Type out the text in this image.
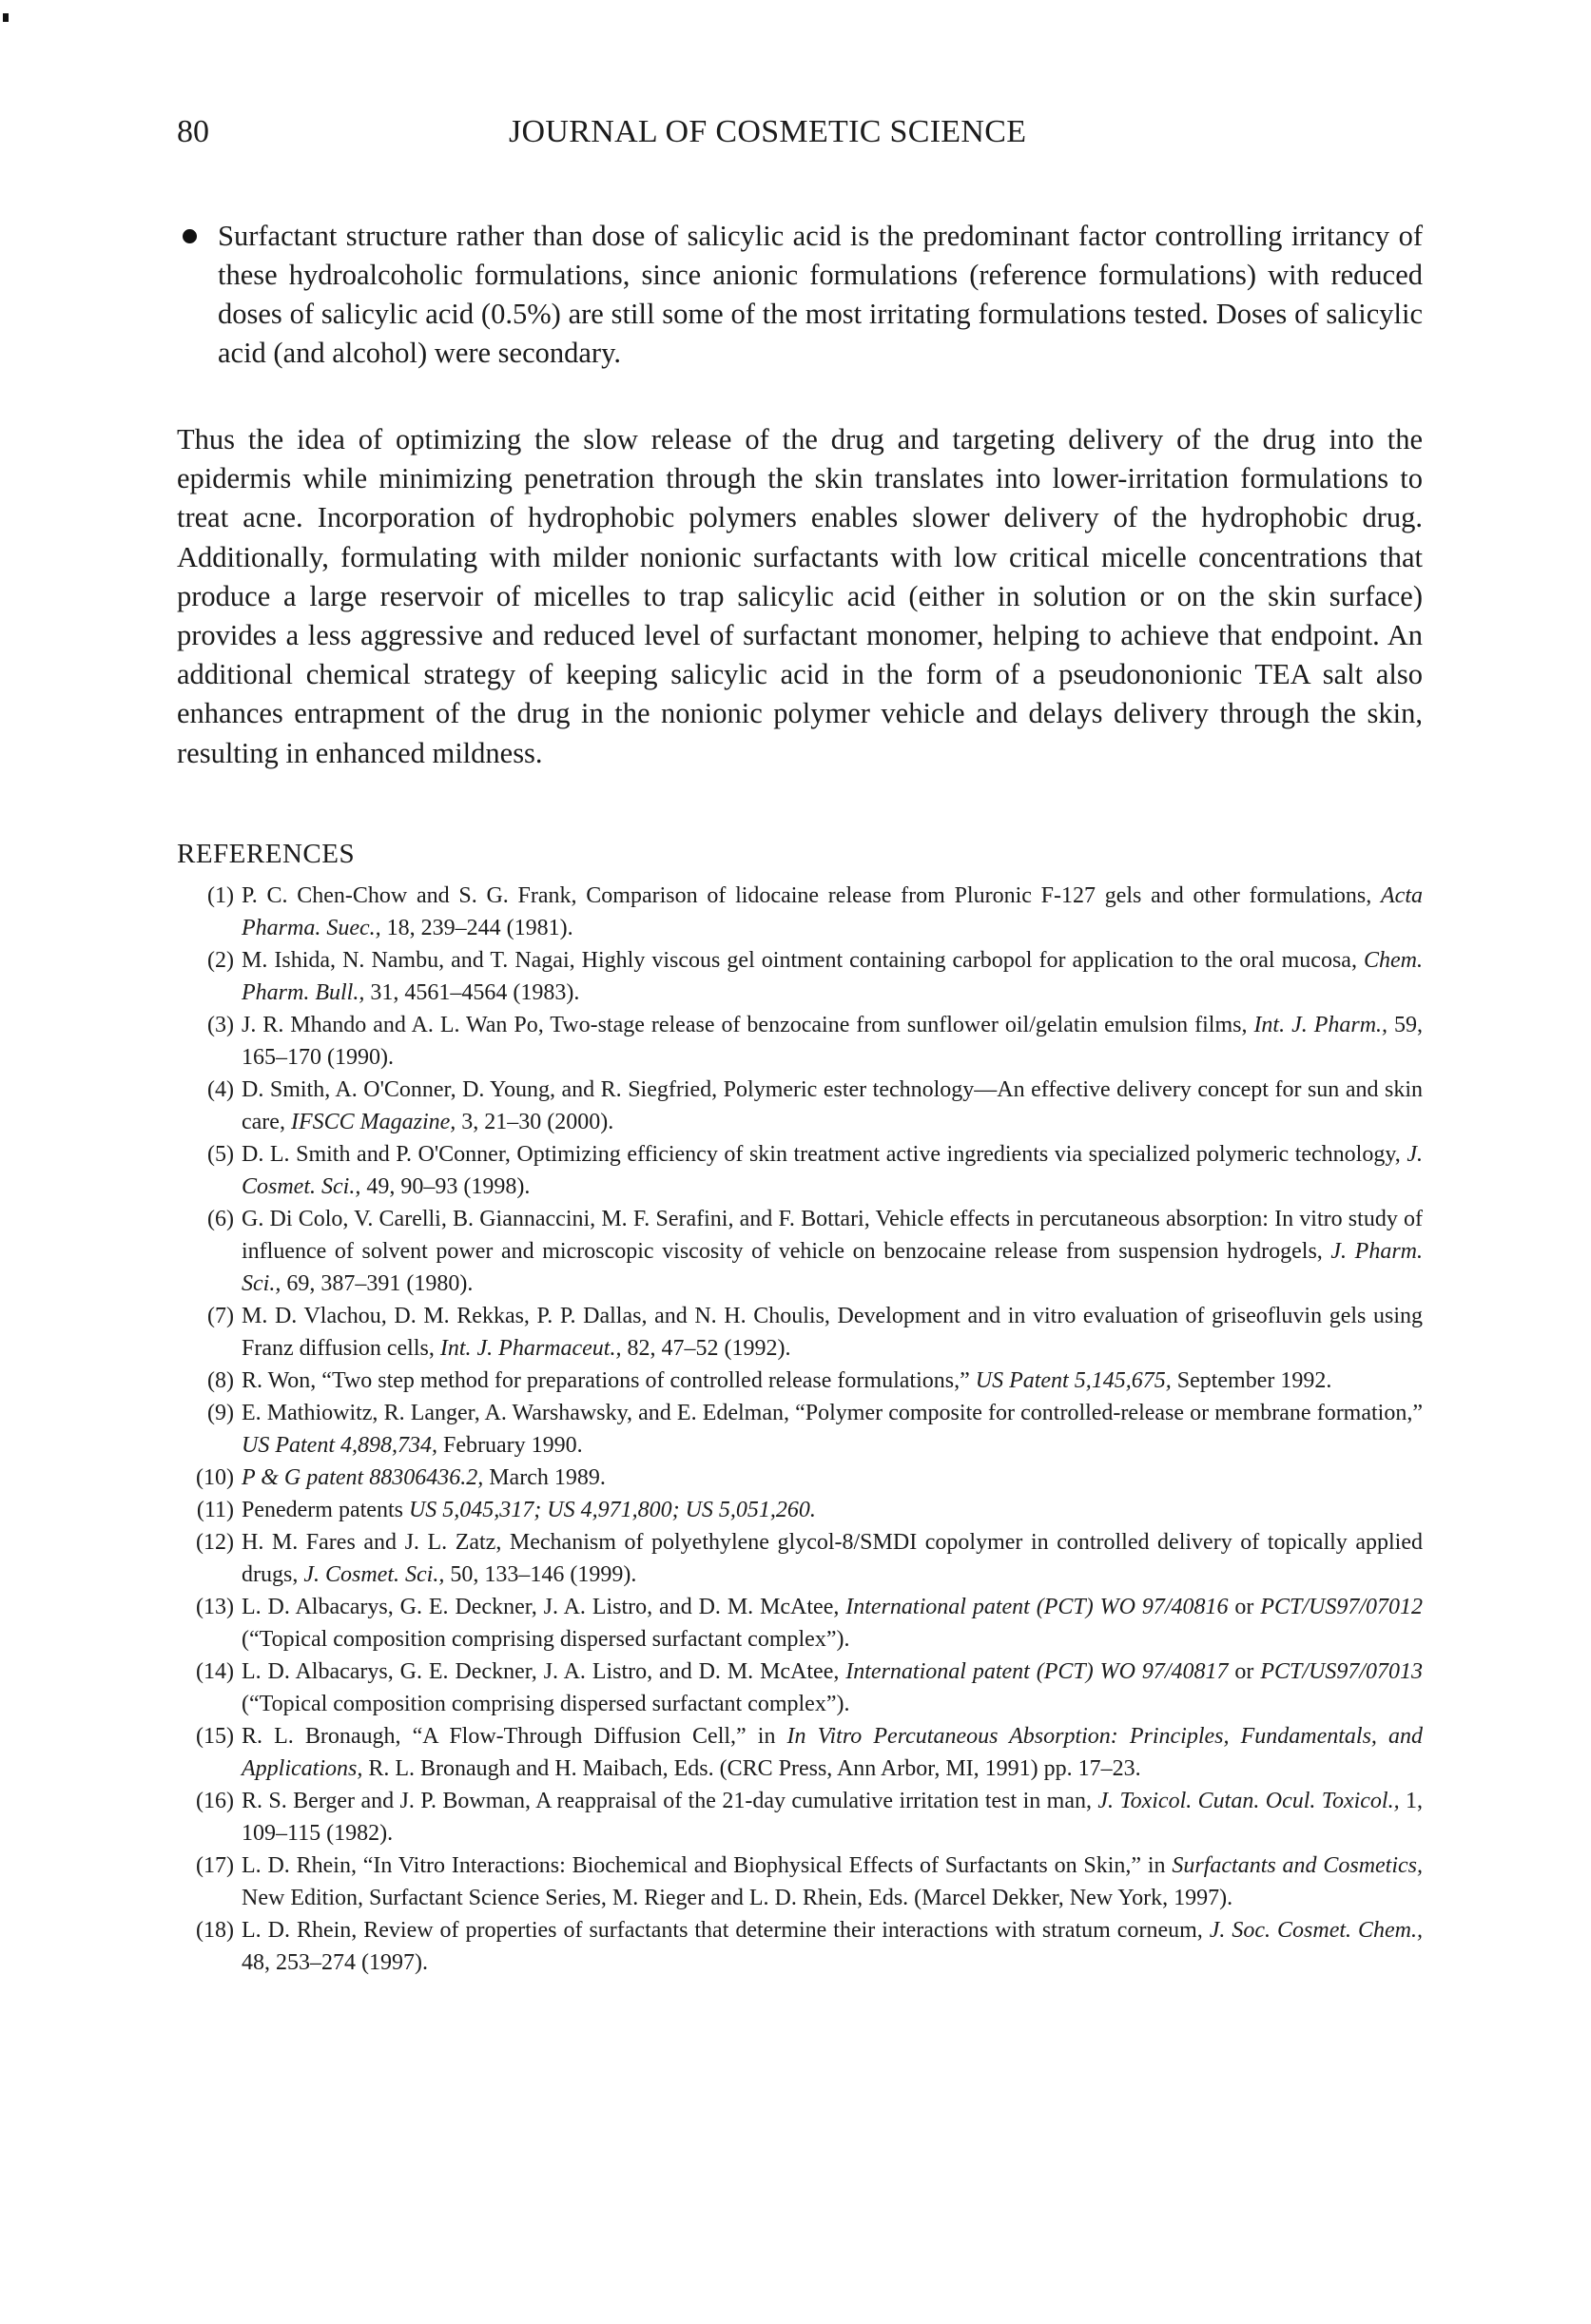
80	JOURNAL OF COSMETIC SCIENCE

Surfactant structure rather than dose of salicylic acid is the predominant factor controlling irritancy of these hydroalcoholic formulations, since anionic formulations (reference formulations) with reduced doses of salicylic acid (0.5%) are still some of the most irritating formulations tested. Doses of salicylic acid (and alcohol) were secondary.

Thus the idea of optimizing the slow release of the drug and targeting delivery of the drug into the epidermis while minimizing penetration through the skin translates into lower-irritation formulations to treat acne. Incorporation of hydrophobic polymers enables slower delivery of the hydrophobic drug. Additionally, formulating with milder nonionic surfactants with low critical micelle concentrations that produce a large reservoir of micelles to trap salicylic acid (either in solution or on the skin surface) provides a less aggressive and reduced level of surfactant monomer, helping to achieve that endpoint. An additional chemical strategy of keeping salicylic acid in the form of a pseudononionic TEA salt also enhances entrapment of the drug in the nonionic polymer vehicle and delays delivery through the skin, resulting in enhanced mildness.

REFERENCES
(1) P. C. Chen-Chow and S. G. Frank, Comparison of lidocaine release from Pluronic F-127 gels and other formulations, Acta Pharma. Suec., 18, 239–244 (1981).
(2) M. Ishida, N. Nambu, and T. Nagai, Highly viscous gel ointment containing carbopol for application to the oral mucosa, Chem. Pharm. Bull., 31, 4561–4564 (1983).
(3) J. R. Mhando and A. L. Wan Po, Two-stage release of benzocaine from sunflower oil/gelatin emulsion films, Int. J. Pharm., 59, 165–170 (1990).
(4) D. Smith, A. O'Conner, D. Young, and R. Siegfried, Polymeric ester technology—An effective delivery concept for sun and skin care, IFSCC Magazine, 3, 21–30 (2000).
(5) D. L. Smith and P. O'Conner, Optimizing efficiency of skin treatment active ingredients via specialized polymeric technology, J. Cosmet. Sci., 49, 90–93 (1998).
(6) G. Di Colo, V. Carelli, B. Giannaccini, M. F. Serafini, and F. Bottari, Vehicle effects in percutaneous absorption: In vitro study of influence of solvent power and microscopic viscosity of vehicle on benzocaine release from suspension hydrogels, J. Pharm. Sci., 69, 387–391 (1980).
(7) M. D. Vlachou, D. M. Rekkas, P. P. Dallas, and N. H. Choulis, Development and in vitro evaluation of griseofluvin gels using Franz diffusion cells, Int. J. Pharmaceut., 82, 47–52 (1992).
(8) R. Won, “Two step method for preparations of controlled release formulations,” US Patent 5,145,675, September 1992.
(9) E. Mathiowitz, R. Langer, A. Warshawsky, and E. Edelman, “Polymer composite for controlled-release or membrane formation,” US Patent 4,898,734, February 1990.
(10) P & G patent 88306436.2, March 1989.
(11) Penederm patents US 5,045,317; US 4,971,800; US 5,051,260.
(12) H. M. Fares and J. L. Zatz, Mechanism of polyethylene glycol-8/SMDI copolymer in controlled delivery of topically applied drugs, J. Cosmet. Sci., 50, 133–146 (1999).
(13) L. D. Albacarys, G. E. Deckner, J. A. Listro, and D. M. McAtee, International patent (PCT) WO 97/40816 or PCT/US97/07012 (“Topical composition comprising dispersed surfactant complex”).
(14) L. D. Albacarys, G. E. Deckner, J. A. Listro, and D. M. McAtee, International patent (PCT) WO 97/40817 or PCT/US97/07013 (“Topical composition comprising dispersed surfactant complex”).
(15) R. L. Bronaugh, “A Flow-Through Diffusion Cell,” in In Vitro Percutaneous Absorption: Principles, Fundamentals, and Applications, R. L. Bronaugh and H. Maibach, Eds. (CRC Press, Ann Arbor, MI, 1991) pp. 17–23.
(16) R. S. Berger and J. P. Bowman, A reappraisal of the 21-day cumulative irritation test in man, J. Toxicol. Cutan. Ocul. Toxicol., 1, 109–115 (1982).
(17) L. D. Rhein, “In Vitro Interactions: Biochemical and Biophysical Effects of Surfactants on Skin,” in Surfactants and Cosmetics, New Edition, Surfactant Science Series, M. Rieger and L. D. Rhein, Eds. (Marcel Dekker, New York, 1997).
(18) L. D. Rhein, Review of properties of surfactants that determine their interactions with stratum corneum, J. Soc. Cosmet. Chem., 48, 253–274 (1997).
